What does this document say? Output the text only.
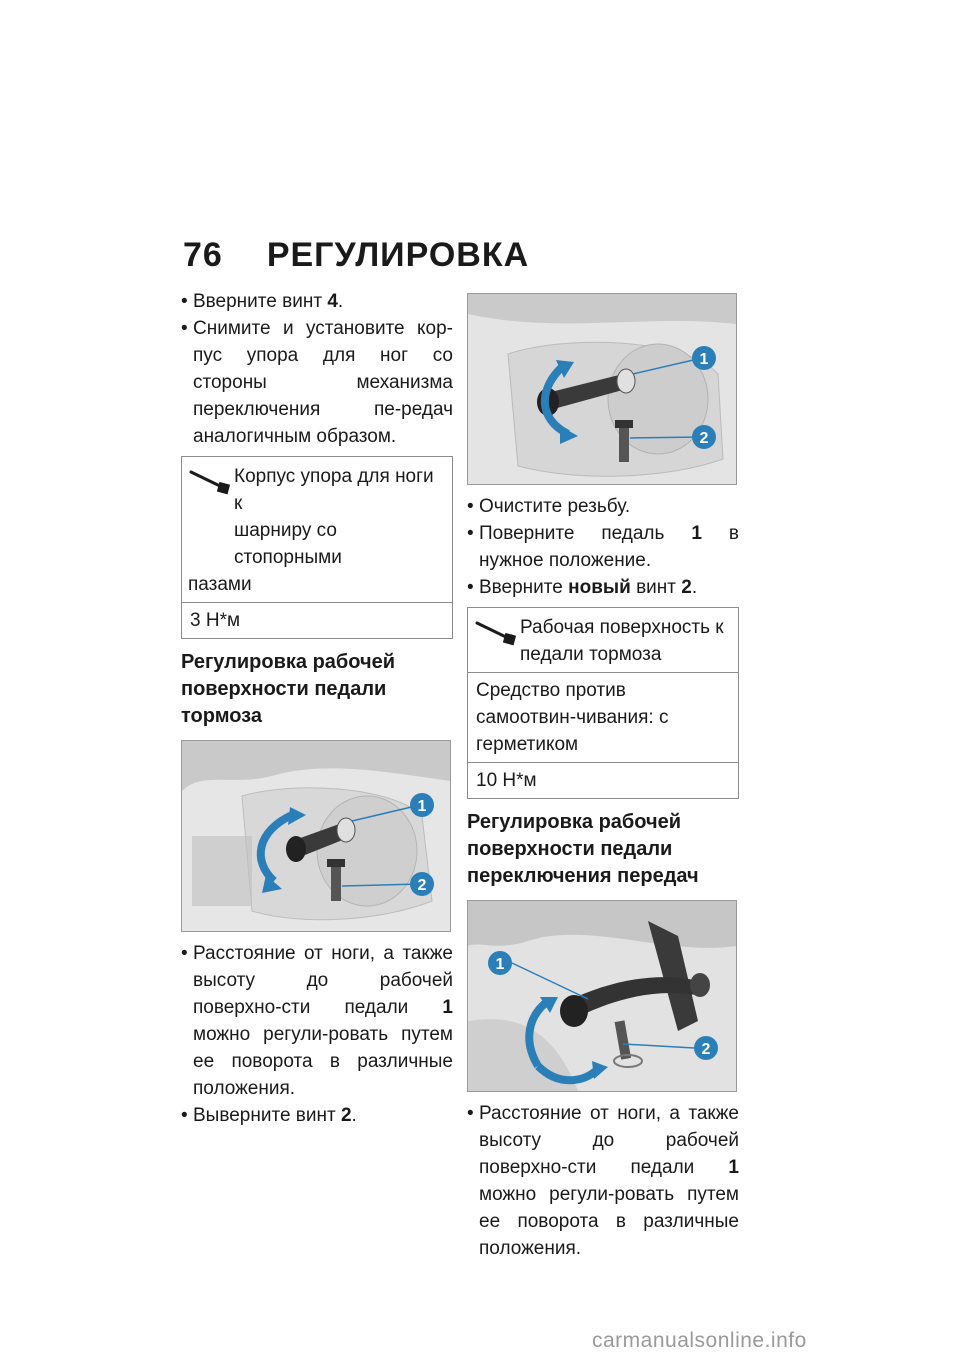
76 РЕГУЛИРОВКА
• Вверните винт 4.
• Снимите и установите кор-пус упора для ног со стороны механизма переключения пе-редач аналогичным образом.
Корпус упора для ноги к
шарниру со стопорными

пазами
3 Н*м
Регулировка рабочей поверхности педали тормоза
1
2
• Расстояние от ноги, а также высоту до рабочей поверхно-сти педали 1 можно регули-ровать путем ее поворота в различные положения.
• Выверните винт 2.
1
2
• Очистите резьбу.
• Поверните педаль 1 в нужное положение.
• Вверните новый винт 2.
Рабочая поверхность к
педали тормоза
Средство против самоотвин-чивания: с герметиком
10 Н*м
Регулировка рабочей поверхности педали переключения передач
1
2
• Расстояние от ноги, а также высоту до рабочей поверхно-сти педали 1 можно регули-ровать путем ее поворота в различные положения.
carmanualsonline.info
